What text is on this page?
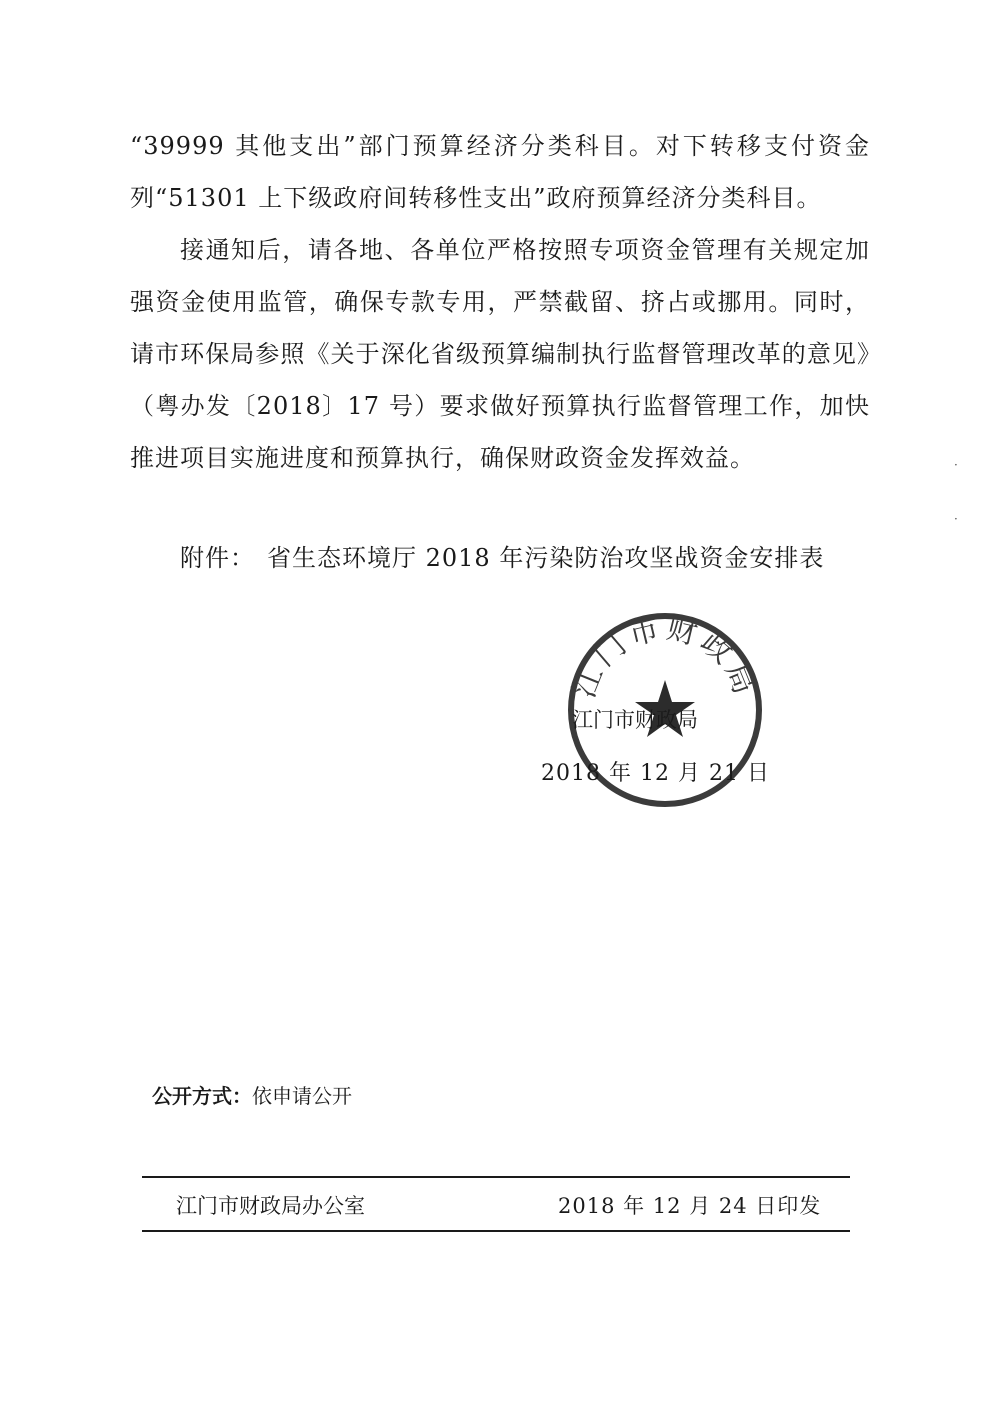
“39999 其他支出”部门预算经济分类科目。对下转移支付资金列“51301 上下级政府间转移性支出”政府预算经济分类科目。

接通知后，请各地、各单位严格按照专项资金管理有关规定加强资金使用监管，确保专款专用，严禁截留、挤占或挪用。同时，请市环保局参照《关于深化省级预算编制执行监督管理改革的意见》（粤办发〔2018〕17 号）要求做好预算执行监督管理工作，加快推进项目实施进度和预算执行，确保财政资金发挥效益。

附件： 省生态环境厅 2018 年污染防治攻坚战资金安排表
江门市财政局
江门市财政局
2018 年 12 月 21 日
·
·
公开方式：依申请公开
江门市财政局办公室	2018 年 12 月 24 日印发
